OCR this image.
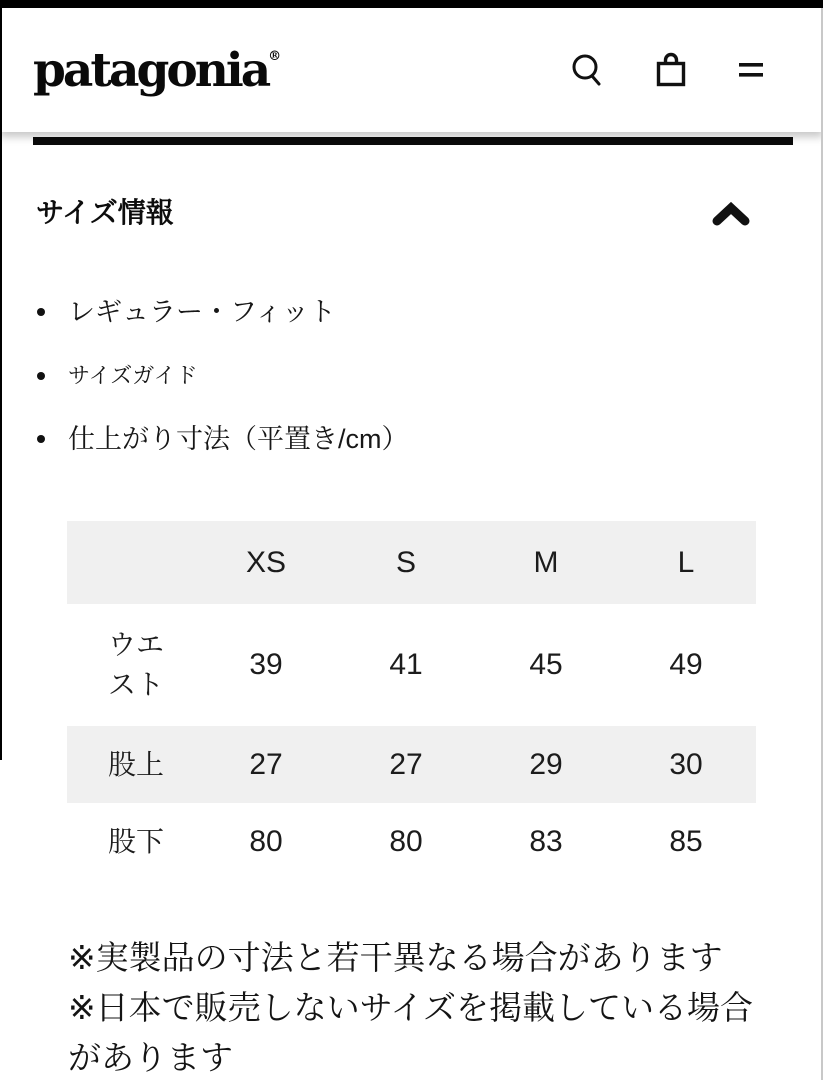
patagonia®
サイズ情報
レギュラー・フィット
サイズガイド
仕上がり寸法（平置き/cm）
	XS	S	M	L
ウエスト	39	41	45	49
股上	27	27	29	30
股下	80	80	83	85
※実製品の寸法と若干異なる場合があります
※日本で販売しないサイズを掲載している場合があります
